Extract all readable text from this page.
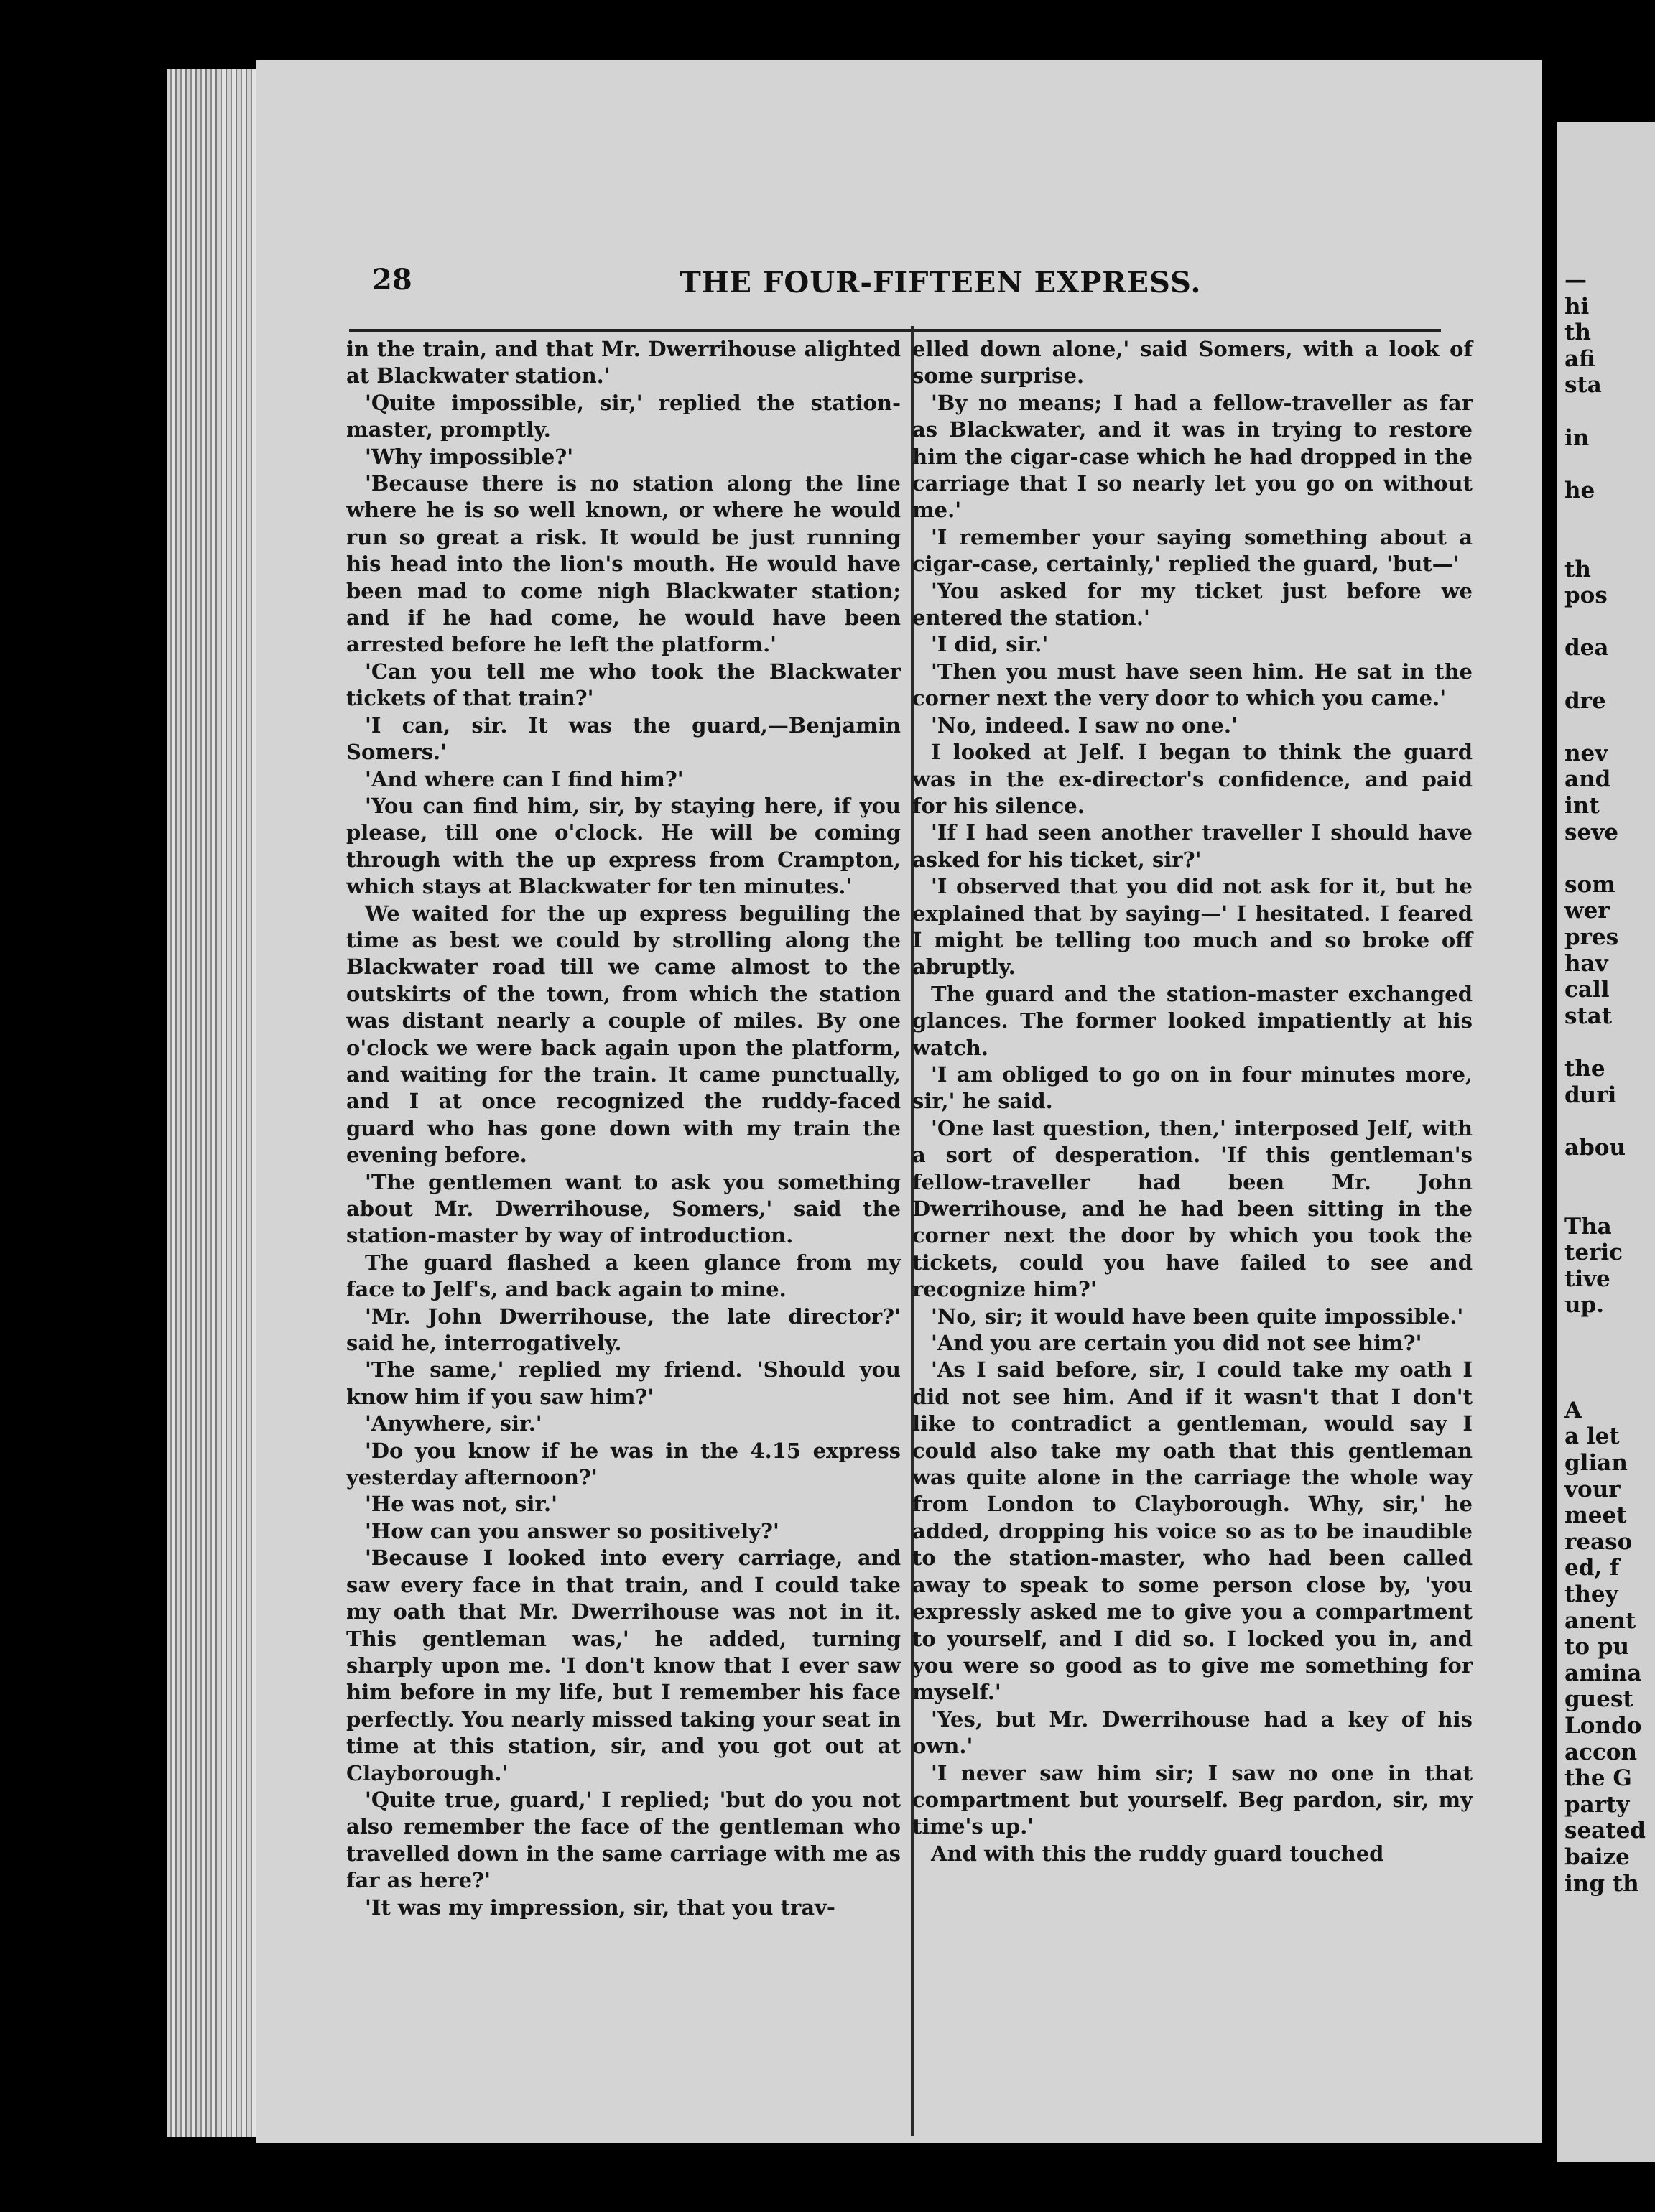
28	THE FOUR-FIFTEEN EXPRESS.

in the train, and that Mr. Dwerrihouse alighted at Blackwater station.'

'Quite impossible, sir,' replied the station-master, promptly.

'Why impossible?'

'Because there is no station along the line where he is so well known, or where he would run so great a risk. It would be just running his head into the lion's mouth. He would have been mad to come nigh Blackwater station; and if he had come, he would have been arrested before he left the platform.'

'Can you tell me who took the Blackwater tickets of that train?'

'I can, sir. It was the guard,—Benjamin Somers.'

'And where can I find him?'

'You can find him, sir, by staying here, if you please, till one o'clock. He will be coming through with the up express from Crampton, which stays at Blackwater for ten minutes.'

We waited for the up express beguiling the time as best we could by strolling along the Blackwater road till we came almost to the outskirts of the town, from which the station was distant nearly a couple of miles. By one o'clock we were back again upon the platform, and waiting for the train. It came punctually, and I at once recognized the ruddy-faced guard who has gone down with my train the evening before.

'The gentlemen want to ask you something about Mr. Dwerrihouse, Somers,' said the station-master by way of introduction.

The guard flashed a keen glance from my face to Jelf's, and back again to mine.

'Mr. John Dwerrihouse, the late director?' said he, interrogatively.

'The same,' replied my friend. 'Should you know him if you saw him?'

'Anywhere, sir.'

'Do you know if he was in the 4.15 express yesterday afternoon?'

'He was not, sir.'

'How can you answer so positively?'

'Because I looked into every carriage, and saw every face in that train, and I could take my oath that Mr. Dwerrihouse was not in it. This gentleman was,' he added, turning sharply upon me. 'I don't know that I ever saw him before in my life, but I remember his face perfectly. You nearly missed taking your seat in time at this station, sir, and you got out at Clayborough.'

'Quite true, guard,' I replied; 'but do you not also remember the face of the gentleman who travelled down in the same carriage with me as far as here?'

'It was my impression, sir, that you trav-

elled down alone,' said Somers, with a look of some surprise.

'By no means; I had a fellow-traveller as far as Blackwater, and it was in trying to restore him the cigar-case which he had dropped in the carriage that I so nearly let you go on without me.'

'I remember your saying something about a cigar-case, certainly,' replied the guard, 'but—'

'You asked for my ticket just before we entered the station.'

'I did, sir.'

'Then you must have seen him. He sat in the corner next the very door to which you came.'

'No, indeed. I saw no one.'

I looked at Jelf. I began to think the guard was in the ex-director's confidence, and paid for his silence.

'If I had seen another traveller I should have asked for his ticket, sir?'

'I observed that you did not ask for it, but he explained that by saying—' I hesitated. I feared I might be telling too much and so broke off abruptly.

The guard and the station-master exchanged glances. The former looked impatiently at his watch.

'I am obliged to go on in four minutes more, sir,' he said.

'One last question, then,' interposed Jelf, with a sort of desperation. 'If this gentleman's fellow-traveller had been Mr. John Dwerrihouse, and he had been sitting in the corner next the door by which you took the tickets, could you have failed to see and recognize him?'

'No, sir; it would have been quite impossible.'

'And you are certain you did not see him?'

'As I said before, sir, I could take my oath I did not see him. And if it wasn't that I don't like to contradict a gentleman, would say I could also take my oath that this gentleman was quite alone in the carriage the whole way from London to Clayborough. Why, sir,' he added, dropping his voice so as to be inaudible to the station-master, who had been called away to speak to some person close by, 'you expressly asked me to give you a compartment to yourself, and I did so. I locked you in, and you were so good as to give me something for myself.'

'Yes, but Mr. Dwerrihouse had a key of his own.'

'I never saw him sir; I saw no one in that compartment but yourself. Beg pardon, sir, my time's up.'

And with this the ruddy guard touched

—
hi
th
afi
sta
in
he
th
pos
dea
dre
nev
and
int
seve
som
wer
pres
hav
call
stat
the
duri
abou
Tha
teric
tive
up.
A
a let
glian
vour
meet
reaso
ed, f
they
anent
to pu
amina
guest
Londo
accon
the G
party
seated
baize
ing th
